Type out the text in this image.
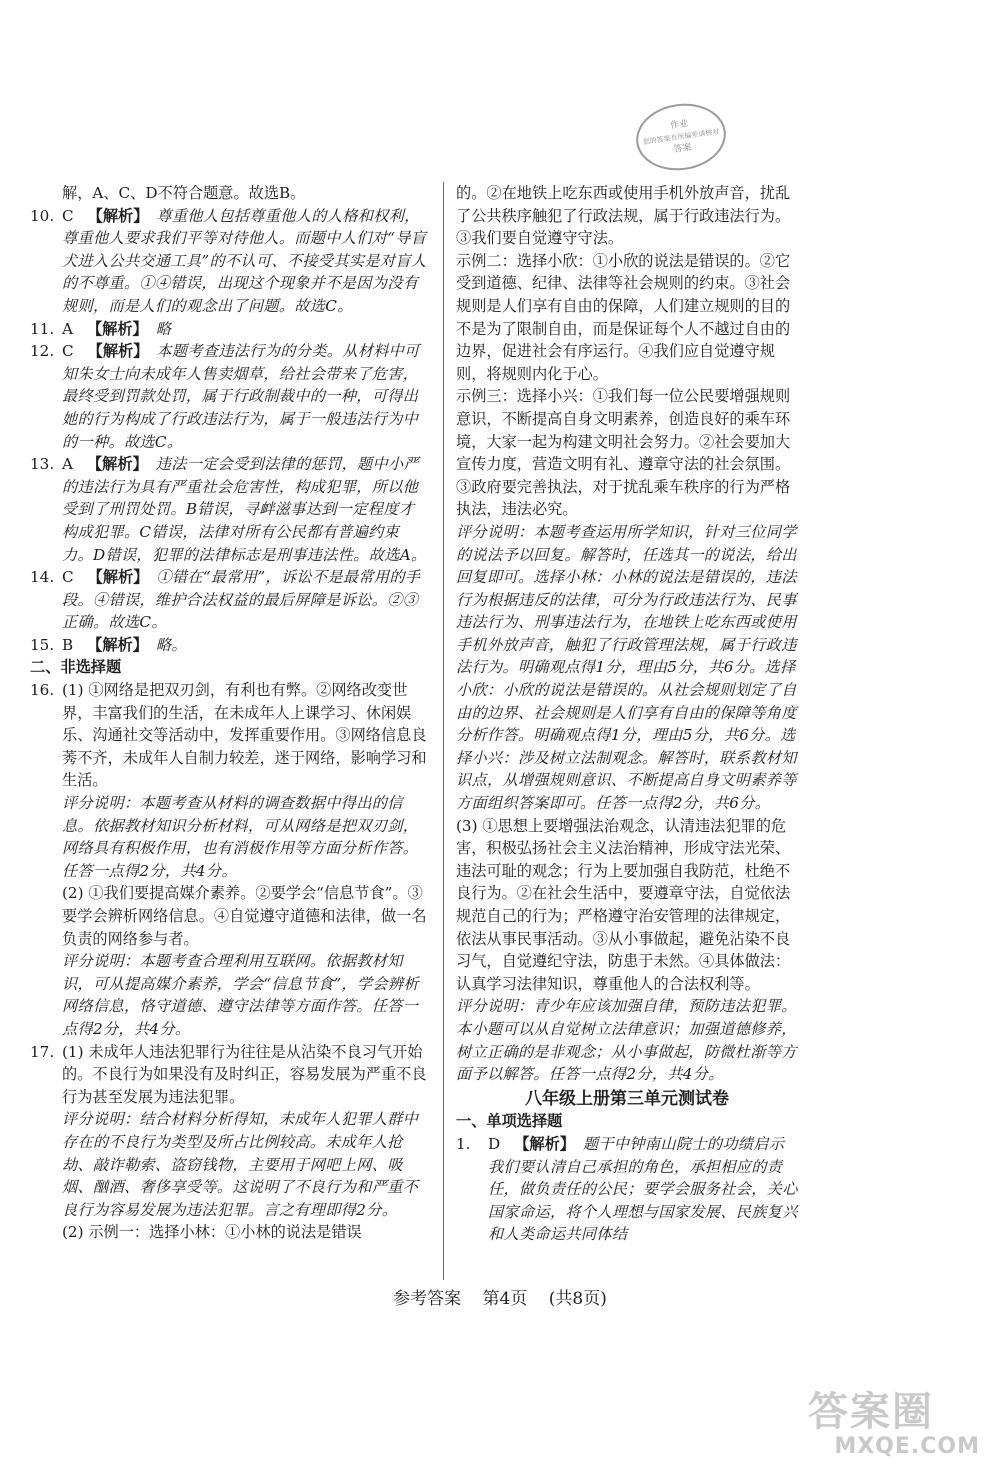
作业
您的答案有所偏差请核对
答案
解，A、C、D不符合题意。故选B。
10. C 【解析】 尊重他人包括尊重他人的人格和权利，尊重他人要求我们平等对待他人。而题中人们对“导盲犬进入公共交通工具”的不认可、不接受其实是对盲人的不尊重。①④错误，出现这个现象并不是因为没有规则，而是人们的观念出了问题。故选C。
11. A 【解析】 略
12. C 【解析】 本题考查违法行为的分类。从材料中可知朱女士向未成年人售卖烟草，给社会带来了危害，最终受到罚款处罚，属于行政制裁中的一种，可得出她的行为构成了行政违法行为，属于一般违法行为中的一种。故选C。
13. A 【解析】 违法一定会受到法律的惩罚，题中小严的违法行为具有严重社会危害性，构成犯罪，所以他受到了刑罚处罚。B错误，寻衅滋事达到一定程度才构成犯罪。C错误，法律对所有公民都有普遍约束力。D错误，犯罪的法律标志是刑事违法性。故选A。
14. C 【解析】 ①错在“最常用”，诉讼不是最常用的手段。④错误，维护合法权益的最后屏障是诉讼。②③正确。故选C。
15. B 【解析】 略。
二、非选择题
16. (1) ①网络是把双刃剑，有利也有弊。②网络改变世界，丰富我们的生活，在未成年人上课学习、休闲娱乐、沟通社交等活动中，发挥重要作用。③网络信息良莠不齐，未成年人自制力较差，迷于网络，影响学习和生活。
评分说明：本题考查从材料的调查数据中得出的信息。依据教材知识分析材料，可从网络是把双刃剑，网络具有积极作用，也有消极作用等方面分析作答。任答一点得2分，共4分。
(2) ①我们要提高媒介素养。②要学会“信息节食”。③要学会辨析网络信息。④自觉遵守道德和法律，做一名负责的网络参与者。
评分说明：本题考查合理利用互联网。依据教材知识，可从提高媒介素养，学会“信息节食”，学会辨析网络信息，恪守道德、遵守法律等方面作答。任答一点得2分，共4分。
17. (1) 未成年人违法犯罪行为往往是从沾染不良习气开始的。不良行为如果没有及时纠正，容易发展为严重不良行为甚至发展为违法犯罪。
评分说明：结合材料分析得知，未成年人犯罪人群中存在的不良行为类型及所占比例较高。未成年人抢劫、敲诈勒索、盗窃钱物，主要用于网吧上网、吸烟、酗酒、奢侈享受等。这说明了不良行为和严重不良行为容易发展为违法犯罪。言之有理即得2分。
(2) 示例一：选择小林：①小林的说法是错误
的。②在地铁上吃东西或使用手机外放声音，扰乱了公共秩序触犯了行政法规，属于行政违法行为。③我们要自觉遵守守法。
示例二：选择小欣：①小欣的说法是错误的。②它受到道德、纪律、法律等社会规则的约束。③社会规则是人们享有自由的保障，人们建立规则的目的不是为了限制自由，而是保证每个人不越过自由的边界，促进社会有序运行。④我们应自觉遵守规则，将规则内化于心。
示例三：选择小兴：①我们每一位公民要增强规则意识，不断提高自身文明素养，创造良好的乘车环境，大家一起为构建文明社会努力。②社会要加大宣传力度，营造文明有礼、遵章守法的社会氛围。③政府要完善执法，对于扰乱乘车秩序的行为严格执法，违法必究。
评分说明：本题考查运用所学知识，针对三位同学的说法予以回复。解答时，任选其一的说法，给出回复即可。选择小林：小林的说法是错误的，违法行为根据违反的法律，可分为行政违法行为、民事违法行为、刑事违法行为，在地铁上吃东西或使用手机外放声音，触犯了行政管理法规，属于行政违法行为。明确观点得1分，理由5分，共6分。选择小欣：小欣的说法是错误的。从社会规则划定了自由的边界、社会规则是人们享有自由的保障等角度分析作答。明确观点得1分，理由5分，共6分。选择小兴：涉及树立法制观念。解答时，联系教材知识点，从增强规则意识、不断提高自身文明素养等方面组织答案即可。任答一点得2分，共6分。
(3) ①思想上要增强法治观念，认清违法犯罪的危害，积极弘扬社会主义法治精神，形成守法光荣、违法可耻的观念；行为上要加强自我防范，杜绝不良行为。②在社会生活中，要遵章守法，自觉依法规范自己的行为；严格遵守治安管理的法律规定，依法从事民事活动。③从小事做起，避免沾染不良习气，自觉遵纪守法，防患于未然。④具体做法：认真学习法律知识，尊重他人的合法权利等。
评分说明：青少年应该加强自律，预防违法犯罪。本小题可以从自觉树立法律意识；加强道德修养，树立正确的是非观念；从小事做起，防微杜渐等方面予以解答。任答一点得2分，共4分。
八年级上册第三单元测试卷
一、单项选择题
1.	D 【解析】 题干中钟南山院士的功绩启示我们要认清自己承担的角色，承担相应的责任，做负责任的公民；要学会服务社会，关心国家命运，将个人理想与国家发展、民族复兴和人类命运共同体结
参考答案 第4页 (共8页)
答案圈
MXQE.COM
